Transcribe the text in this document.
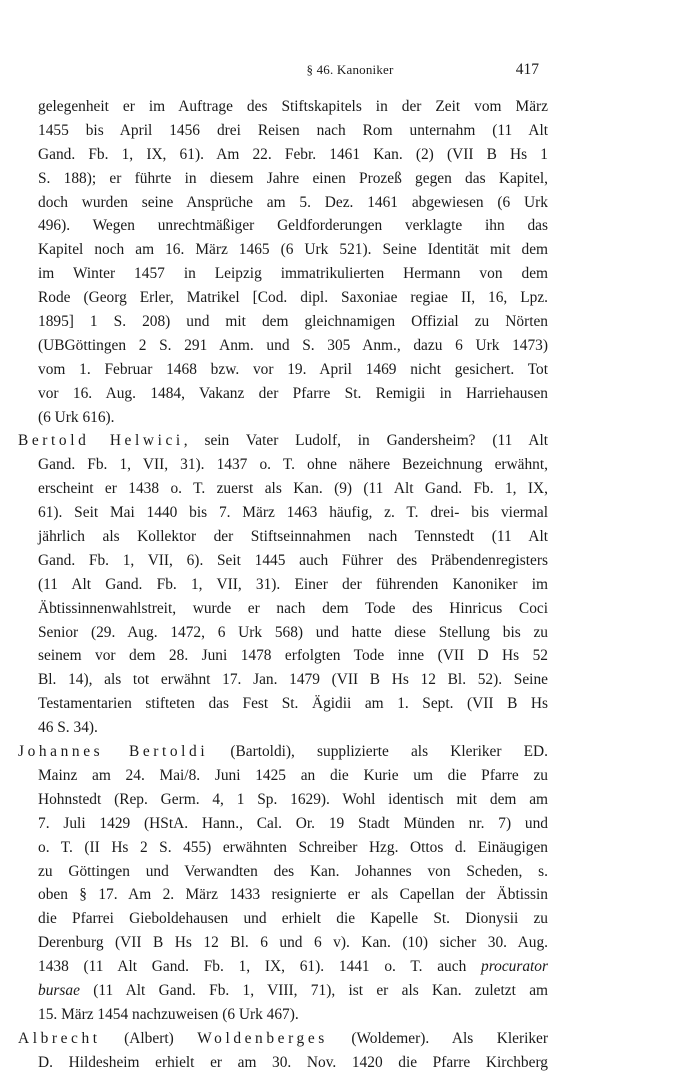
§ 46. Kanoniker	417
gelegenheit er im Auftrage des Stiftskapitels in der Zeit vom März
1455 bis April 1456 drei Reisen nach Rom unternahm (11 Alt
Gand. Fb. 1, IX, 61). Am 22. Febr. 1461 Kan. (2) (VII B Hs 1
S. 188); er führte in diesem Jahre einen Prozeß gegen das Kapitel,
doch wurden seine Ansprüche am 5. Dez. 1461 abgewiesen (6 Urk
496). Wegen unrechtmäßiger Geldforderungen verklagte ihn das
Kapitel noch am 16. März 1465 (6 Urk 521). Seine Identität mit dem
im Winter 1457 in Leipzig immatrikulierten Hermann von dem
Rode (Georg Erler, Matrikel [Cod. dipl. Saxoniae regiae II, 16, Lpz.
1895] 1 S. 208) und mit dem gleichnamigen Offizial zu Nörten
(UBGöttingen 2 S. 291 Anm. und S. 305 Anm., dazu 6 Urk 1473)
vom 1. Februar 1468 bzw. vor 19. April 1469 nicht gesichert. Tot
vor 16. Aug. 1484, Vakanz der Pfarre St. Remigii in Harriehausen
(6 Urk 616).
Bertold Helwici, sein Vater Ludolf, in Gandersheim? (11 Alt
Gand. Fb. 1, VII, 31). 1437 o. T. ohne nähere Bezeichnung erwähnt,
erscheint er 1438 o. T. zuerst als Kan. (9) (11 Alt Gand. Fb. 1, IX,
61). Seit Mai 1440 bis 7. März 1463 häufig, z. T. drei- bis viermal
jährlich als Kollektor der Stiftseinnahmen nach Tennstedt (11 Alt
Gand. Fb. 1, VII, 6). Seit 1445 auch Führer des Präbendenregisters
(11 Alt Gand. Fb. 1, VII, 31). Einer der führenden Kanoniker im
Äbtissinnenwahlstreit, wurde er nach dem Tode des Hinricus Coci
Senior (29. Aug. 1472, 6 Urk 568) und hatte diese Stellung bis zu
seinem vor dem 28. Juni 1478 erfolgten Tode inne (VII D Hs 52
Bl. 14), als tot erwähnt 17. Jan. 1479 (VII B Hs 12 Bl. 52). Seine
Testamentarien stifteten das Fest St. Ägidii am 1. Sept. (VII B Hs
46 S. 34).
Johannes Bertoldi (Bartoldi), supplizierte als Kleriker ED.
Mainz am 24. Mai/8. Juni 1425 an die Kurie um die Pfarre zu
Hohnstedt (Rep. Germ. 4, 1 Sp. 1629). Wohl identisch mit dem am
7. Juli 1429 (HStA. Hann., Cal. Or. 19 Stadt Münden nr. 7) und
o. T. (II Hs 2 S. 455) erwähnten Schreiber Hzg. Ottos d. Einäugigen
zu Göttingen und Verwandten des Kan. Johannes von Scheden, s.
oben § 17. Am 2. März 1433 resignierte er als Capellan der Äbtissin
die Pfarrei Gieboldehausen und erhielt die Kapelle St. Dionysii zu
Derenburg (VII B Hs 12 Bl. 6 und 6 v). Kan. (10) sicher 30. Aug.
1438 (11 Alt Gand. Fb. 1, IX, 61). 1441 o. T. auch procurator
bursae (11 Alt Gand. Fb. 1, VIII, 71), ist er als Kan. zuletzt am
15. März 1454 nachzuweisen (6 Urk 467).
Albrecht (Albert) Woldenberges (Woldemer). Als Kleriker
D. Hildesheim erhielt er am 30. Nov. 1420 die Pfarre Kirchberg
